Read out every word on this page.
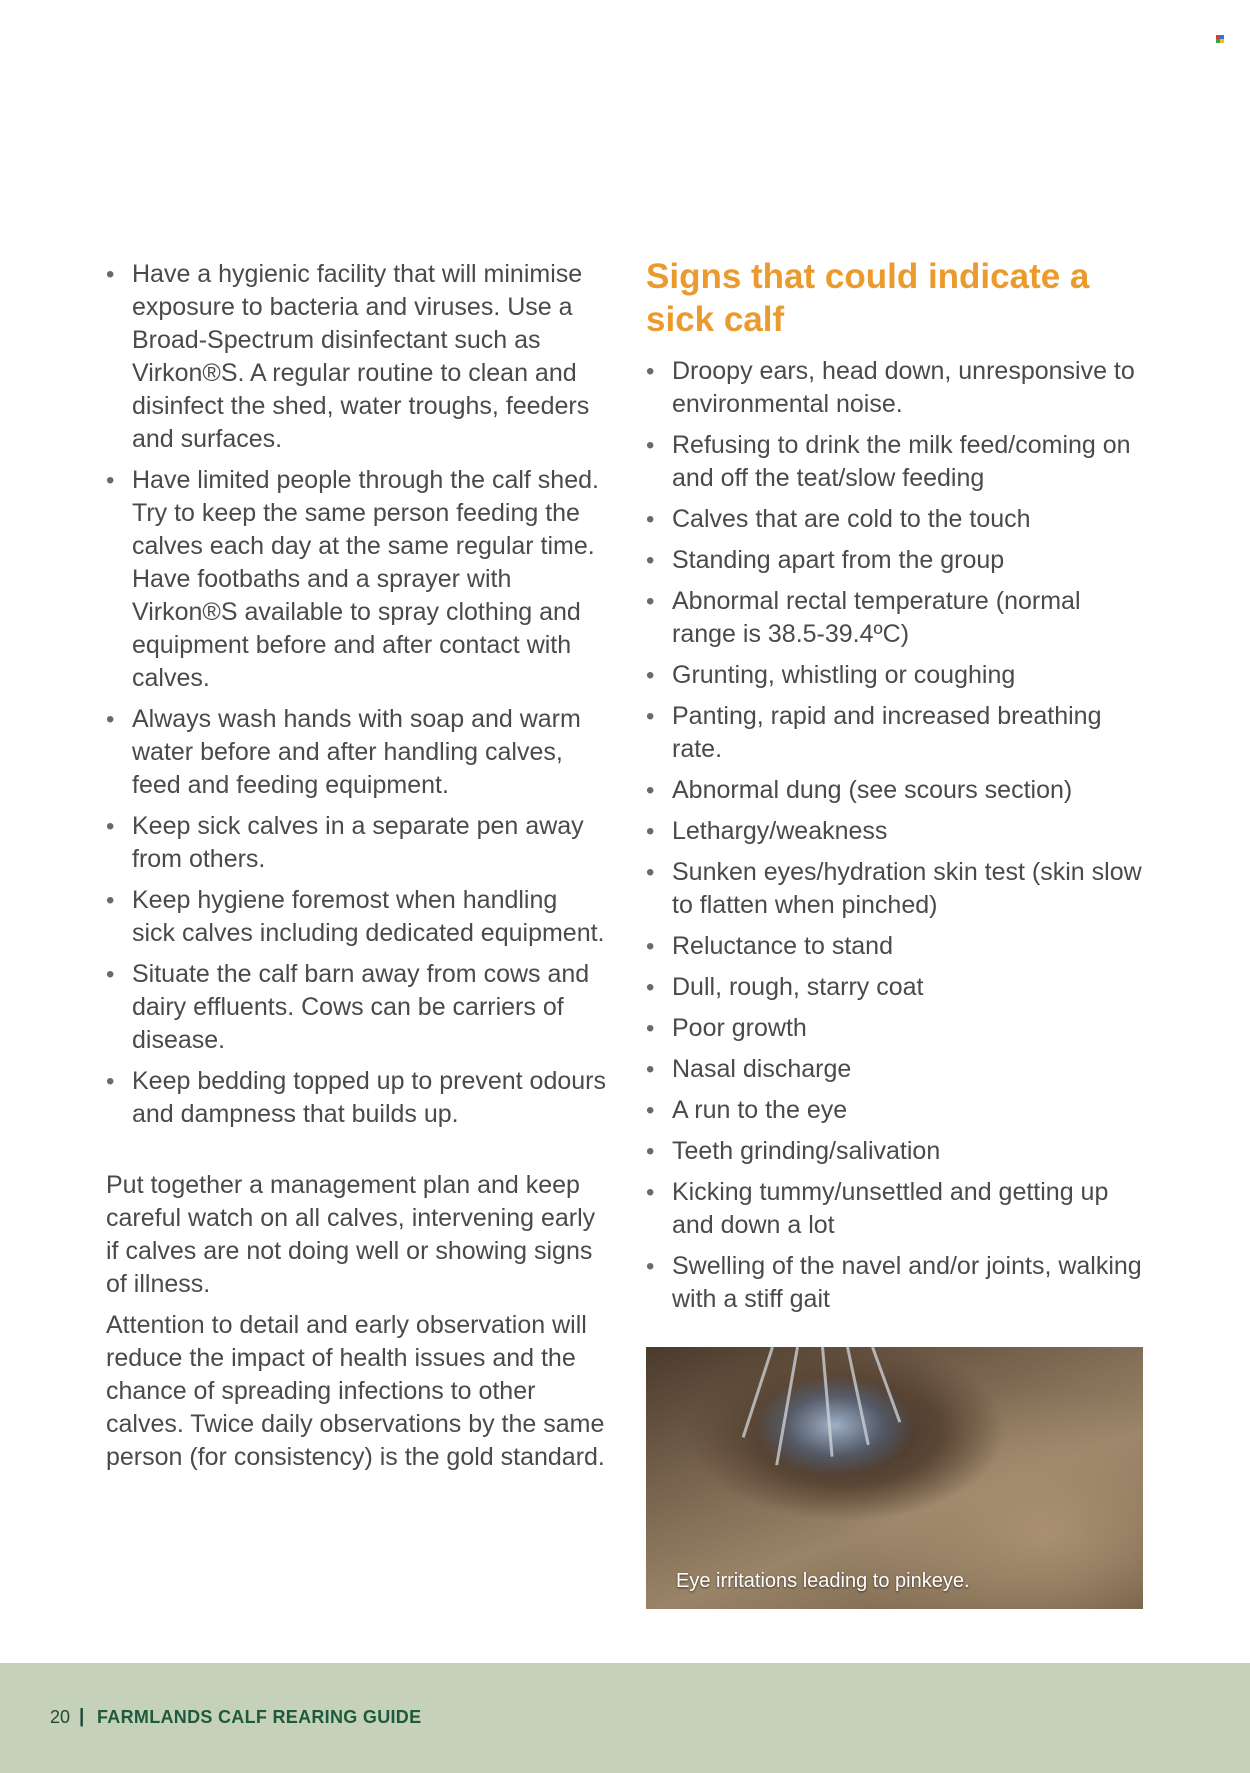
• Have a hygienic facility that will minimise exposure to bacteria and viruses. Use a Broad-Spectrum disinfectant such as Virkon®S. A regular routine to clean and disinfect the shed, water troughs, feeders and surfaces.
• Have limited people through the calf shed. Try to keep the same person feeding the calves each day at the same regular time. Have footbaths and a sprayer with Virkon®S available to spray clothing and equipment before and after contact with calves.
• Always wash hands with soap and warm water before and after handling calves, feed and feeding equipment.
• Keep sick calves in a separate pen away from others.
• Keep hygiene foremost when handling sick calves including dedicated equipment.
• Situate the calf barn away from cows and dairy effluents. Cows can be carriers of disease.
• Keep bedding topped up to prevent odours and dampness that builds up.

Put together a management plan and keep careful watch on all calves, intervening early if calves are not doing well or showing signs of illness.

Attention to detail and early observation will reduce the impact of health issues and the chance of spreading infections to other calves. Twice daily observations by the same person (for consistency) is the gold standard.

Signs that could indicate a sick calf
• Droopy ears, head down, unresponsive to environmental noise.
• Refusing to drink the milk feed/coming on and off the teat/slow feeding
• Calves that are cold to the touch
• Standing apart from the group
• Abnormal rectal temperature (normal range is 38.5-39.4ºC)
• Grunting, whistling or coughing
• Panting, rapid and increased breathing rate.
• Abnormal dung (see scours section)
• Lethargy/weakness
• Sunken eyes/hydration skin test (skin slow to flatten when pinched)
• Reluctance to stand
• Dull, rough, starry coat
• Poor growth
• Nasal discharge
• A run to the eye
• Teeth grinding/salivation
• Kicking tummy/unsettled and getting up and down a lot
• Swelling of the navel and/or joints, walking with a stiff gait
Eye irritations leading to pinkeye.
20 | FARMLANDS CALF REARING GUIDE
